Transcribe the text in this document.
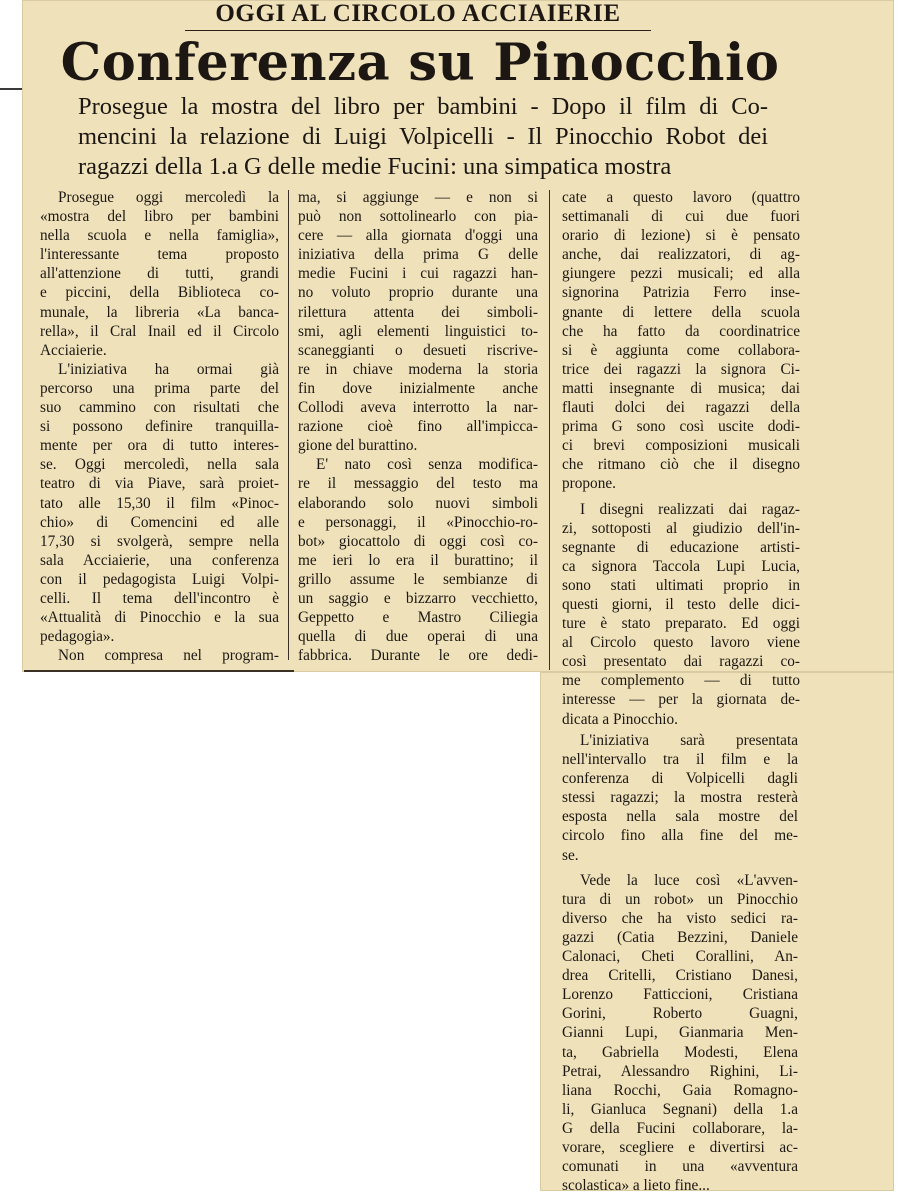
OGGI AL CIRCOLO ACCIAIERIE
Conferenza su Pinocchio
Prosegue la mostra del libro per bambini - Dopo il film di Co-
mencini la relazione di Luigi Volpicelli - Il Pinocchio Robot dei
ragazzi della 1.a G delle medie Fucini: una simpatica mostra
Prosegue oggi mercoledì la
«mostra del libro per bambini
nella scuola e nella famiglia»,
l'interessante tema proposto
all'attenzione di tutti, grandi
e piccini, della Biblioteca co-
munale, la libreria «La banca-
rella», il Cral Inail ed il Circolo
Acciaierie.
L'iniziativa ha ormai già
percorso una prima parte del
suo cammino con risultati che
si possono definire tranquilla-
mente per ora di tutto interes-
se. Oggi mercoledì, nella sala
teatro di via Piave, sarà proiet-
tato alle 15,30 il film «Pinoc-
chio» di Comencini ed alle
17,30 si svolgerà, sempre nella
sala Acciaierie, una conferenza
con il pedagogista Luigi Volpi-
celli. Il tema dell'incontro è
«Attualità di Pinocchio e la sua
pedagogia».
Non compresa nel program-
ma, si aggiunge — e non si
può non sottolinearlo con pia-
cere — alla giornata d'oggi una
iniziativa della prima G delle
medie Fucini i cui ragazzi han-
no voluto proprio durante una
rilettura attenta dei simboli-
smi, agli elementi linguistici to-
scaneggianti o desueti riscrive-
re in chiave moderna la storia
fin dove inizialmente anche
Collodi aveva interrotto la nar-
razione cioè fino all'impicca-
gione del burattino.
E' nato così senza modifica-
re il messaggio del testo ma
elaborando solo nuovi simboli
e personaggi, il «Pinocchio-ro-
bot» giocattolo di oggi così co-
me ieri lo era il burattino; il
grillo assume le sembianze di
un saggio e bizzarro vecchietto,
Geppetto e Mastro Ciliegia
quella di due operai di una
fabbrica. Durante le ore dedi-
cate a questo lavoro (quattro
settimanali di cui due fuori
orario di lezione) si è pensato
anche, dai realizzatori, di ag-
giungere pezzi musicali; ed alla
signorina Patrizia Ferro inse-
gnante di lettere della scuola
che ha fatto da coordinatrice
si è aggiunta come collabora-
trice dei ragazzi la signora Ci-
matti insegnante di musica; dai
flauti dolci dei ragazzi della
prima G sono così uscite dodi-
ci brevi composizioni musicali
che ritmano ciò che il disegno
propone.
I disegni realizzati dai ragaz-
zi, sottoposti al giudizio dell'in-
segnante di educazione artisti-
ca signora Taccola Lupi Lucia,
sono stati ultimati proprio in
questi giorni, il testo delle dici-
ture è stato preparato. Ed oggi
al Circolo questo lavoro viene
così presentato dai ragazzi co-
me complemento — di tutto
interesse — per la giornata de-
dicata a Pinocchio.
L'iniziativa sarà presentata
nell'intervallo tra il film e la
conferenza di Volpicelli dagli
stessi ragazzi; la mostra resterà
esposta nella sala mostre del
circolo fino alla fine del me-
se.
Vede la luce così «L'avven-
tura di un robot» un Pinocchio
diverso che ha visto sedici ra-
gazzi (Catia Bezzini, Daniele
Calonaci, Cheti Corallini, An-
drea Critelli, Cristiano Danesi,
Lorenzo Fatticcioni, Cristiana
Gorini, Roberto Guagni,
Gianni Lupi, Gianmaria Men-
ta, Gabriella Modesti, Elena
Petrai, Alessandro Righini, Li-
liana Rocchi, Gaia Romagno-
li, Gianluca Segnani) della 1.a
G della Fucini collaborare, la-
vorare, scegliere e divertirsi ac-
comunati in una «avventura
scolastica» a lieto fine...
